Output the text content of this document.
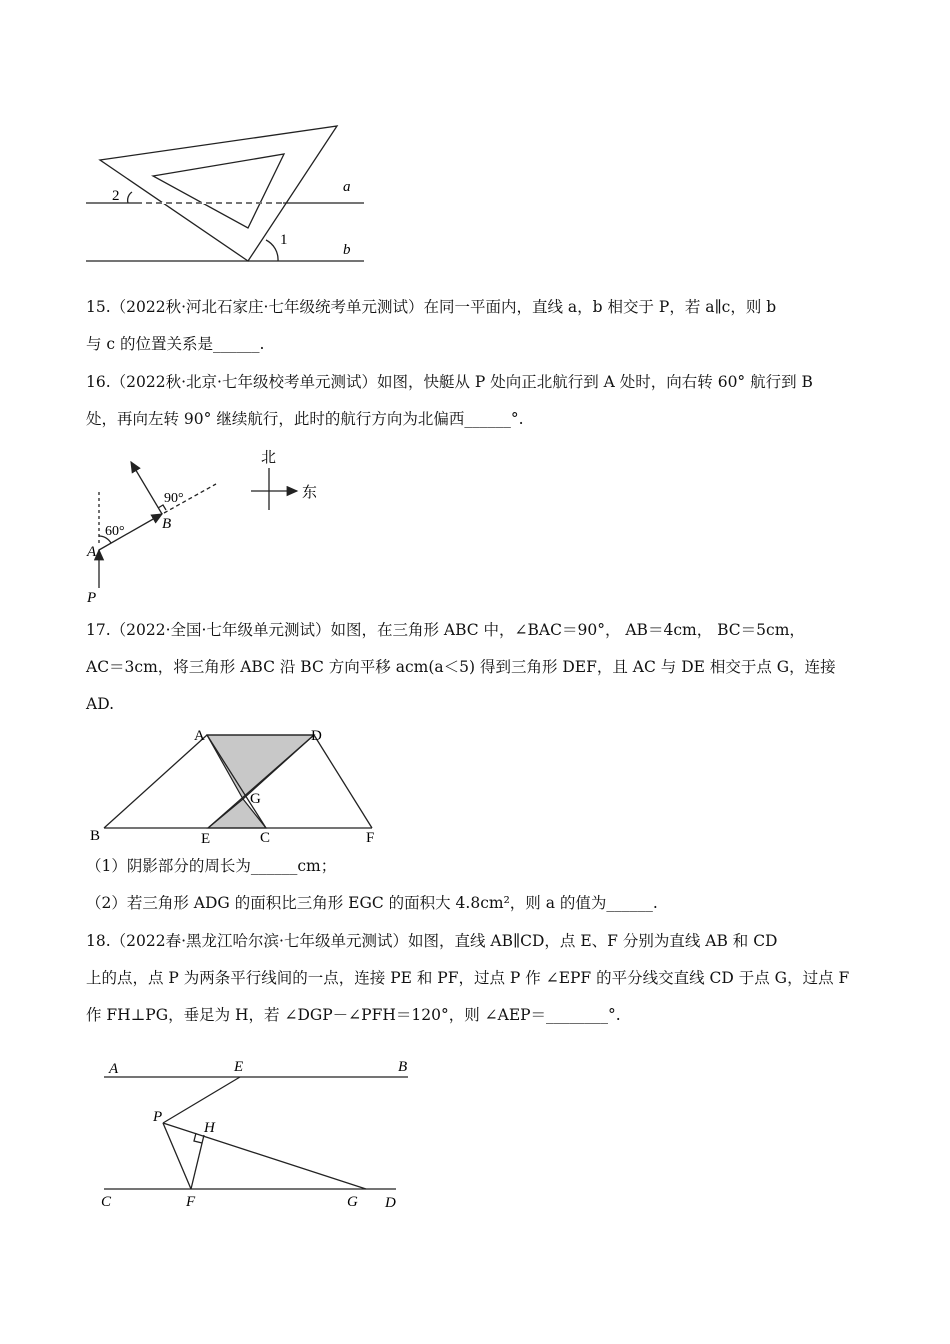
2
1
a
b
15.（2022秋·河北石家庄·七年级统考单元测试）在同一平面内，直线 a，b 相交于 P，若 a∥c，则 b
与 c 的位置关系是______.
16.（2022秋·北京·七年级校考单元测试）如图，快艇从 P 处向正北航行到 A 处时，向右转 60° 航行到 B
处，再向左转 90° 继续航行，此时的航行方向为北偏西______°.
北
东
60°
90°
A
B
P
17.（2022·全国·七年级单元测试）如图，在三角形 ABC 中，∠BAC＝90°， AB＝4cm， BC＝5cm，
AC＝3cm，将三角形 ABC 沿 BC 方向平移 acm(a＜5) 得到三角形 DEF，且 AC 与 DE 相交于点 G，连接
AD.
A	D
G
B	E	C	F
（1）阴影部分的周长为______cm；
（2）若三角形 ADG 的面积比三角形 EGC 的面积大 4.8cm²，则 a 的值为______.
18.（2022春·黑龙江哈尔滨·七年级单元测试）如图，直线 AB∥CD，点 E、F 分别为直线 AB 和 CD
上的点，点 P 为两条平行线间的一点，连接 PE 和 PF，过点 P 作 ∠EPF 的平分线交直线 CD 于点 G，过点 F
作 FH⊥PG，垂足为 H，若 ∠DGP－∠PFH＝120°，则 ∠AEP＝________°.
A	E	B
P
H
C	F	G D
